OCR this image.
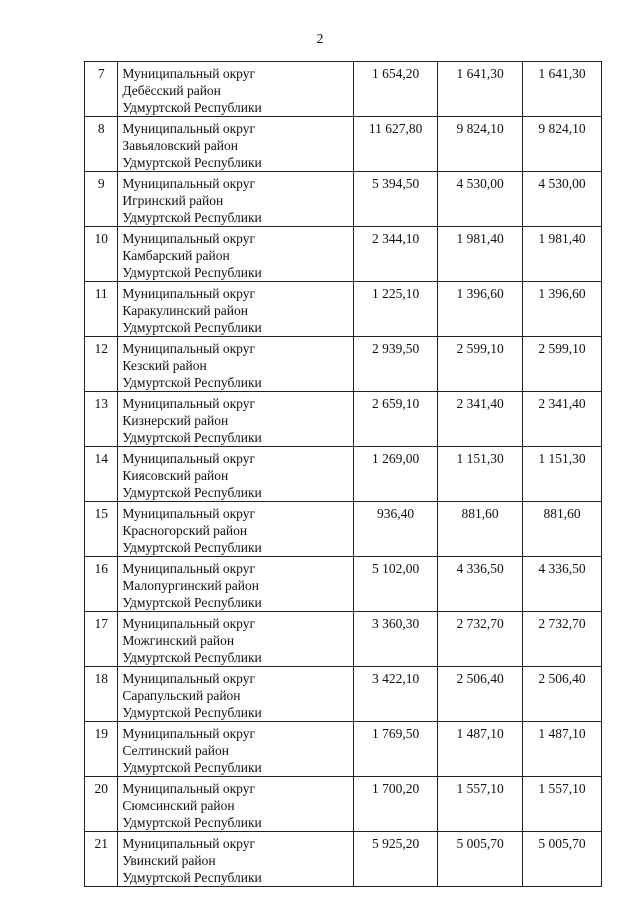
2
7	Муниципальный округ
Дебёсский район
Удмуртской Республики	1 654,20	1 641,30	1 641,30
8	Муниципальный округ
Завьяловский район
Удмуртской Республики	11 627,80	9 824,10	9 824,10
9	Муниципальный округ
Игринский район
Удмуртской Республики	5 394,50	4 530,00	4 530,00
10	Муниципальный округ
Камбарский район
Удмуртской Республики	2 344,10	1 981,40	1 981,40
11	Муниципальный округ
Каракулинский район
Удмуртской Республики	1 225,10	1 396,60	1 396,60
12	Муниципальный округ
Кезский район
Удмуртской Республики	2 939,50	2 599,10	2 599,10
13	Муниципальный округ
Кизнерский район
Удмуртской Республики	2 659,10	2 341,40	2 341,40
14	Муниципальный округ
Киясовский район
Удмуртской Республики	1 269,00	1 151,30	1 151,30
15	Муниципальный округ
Красногорский район
Удмуртской Республики	936,40	881,60	881,60
16	Муниципальный округ
Малопургинский район
Удмуртской Республики	5 102,00	4 336,50	4 336,50
17	Муниципальный округ
Можгинский район
Удмуртской Республики	3 360,30	2 732,70	2 732,70
18	Муниципальный округ
Сарапульский район
Удмуртской Республики	3 422,10	2 506,40	2 506,40
19	Муниципальный округ
Селтинский район
Удмуртской Республики	1 769,50	1 487,10	1 487,10
20	Муниципальный округ
Сюмсинский район
Удмуртской Республики	1 700,20	1 557,10	1 557,10
21	Муниципальный округ
Увинский район
Удмуртской Республики	5 925,20	5 005,70	5 005,70
